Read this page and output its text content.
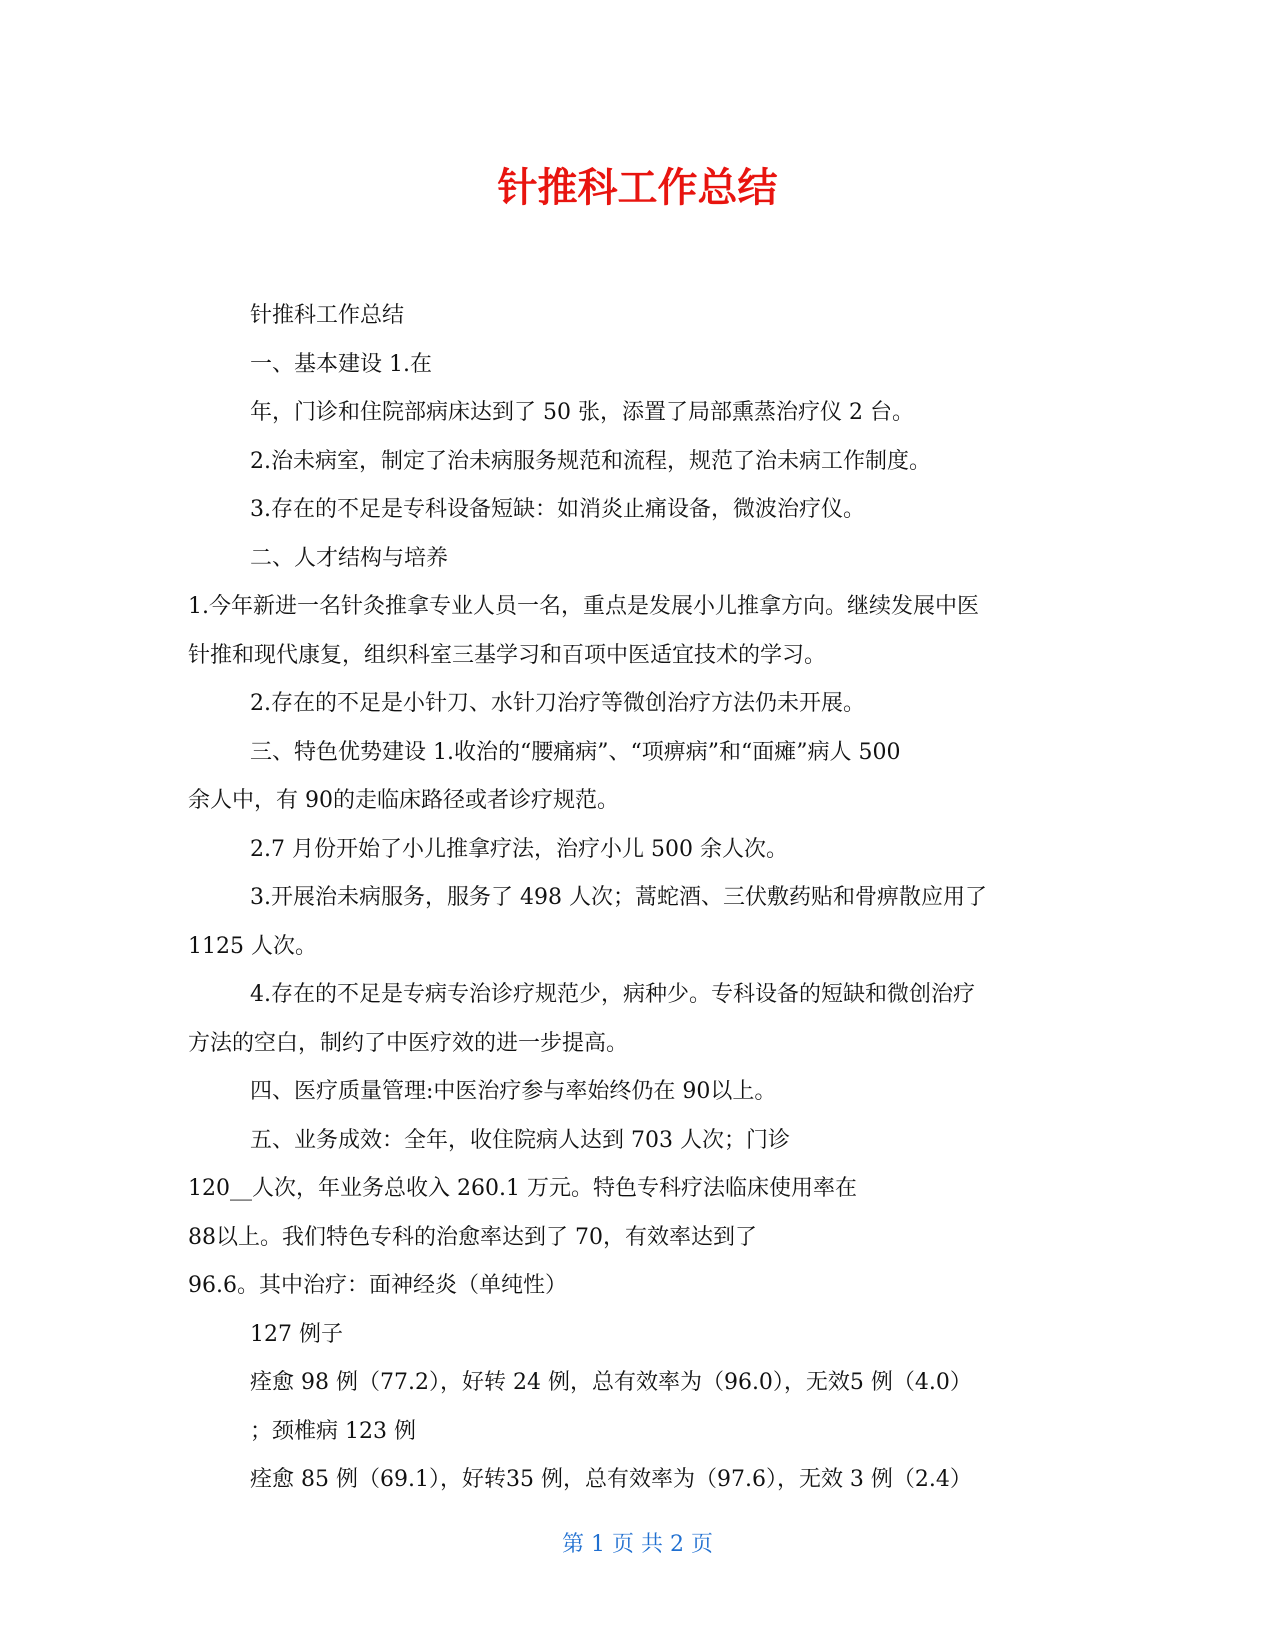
针推科工作总结

针推科工作总结

一、基本建设 1.在

年，门诊和住院部病床达到了 50 张，添置了局部熏蒸治疗仪 2 台。

2.治未病室，制定了治未病服务规范和流程，规范了治未病工作制度。

3.存在的不足是专科设备短缺：如消炎止痛设备，微波治疗仪。

二、人才结构与培养

1.今年新进一名针灸推拿专业人员一名，重点是发展小儿推拿方向。继续发展中医

针推和现代康复，组织科室三基学习和百项中医适宜技术的学习。

2.存在的不足是小针刀、水针刀治疗等微创治疗方法仍未开展。

三、特色优势建设 1.收治的“腰痛病”、“项痹病”和“面瘫”病人 500

余人中，有 90的走临床路径或者诊疗规范。

2.7 月份开始了小儿推拿疗法，治疗小儿 500 余人次。

3.开展治未病服务，服务了 498 人次；蒿蛇酒、三伏敷药贴和骨痹散应用了

1125 人次。

4.存在的不足是专病专治诊疗规范少，病种少。专科设备的短缺和微创治疗

方法的空白，制约了中医疗效的进一步提高。

四、医疗质量管理:中医治疗参与率始终仍在 90以上。

五、业务成效：全年，收住院病人达到 703 人次；门诊

120__人次，年业务总收入 260.1 万元。特色专科疗法临床使用率在

88以上。我们特色专科的治愈率达到了 70，有效率达到了

96.6。其中治疗：面神经炎（单纯性）

127 例子

痊愈 98 例（77.2），好转 24 例，总有效率为（96.0），无效5 例（4.0）

；颈椎病 123 例

痊愈 85 例（69.1），好转35 例，总有效率为（97.6），无效 3 例（2.4）

第 1 页 共 2 页
